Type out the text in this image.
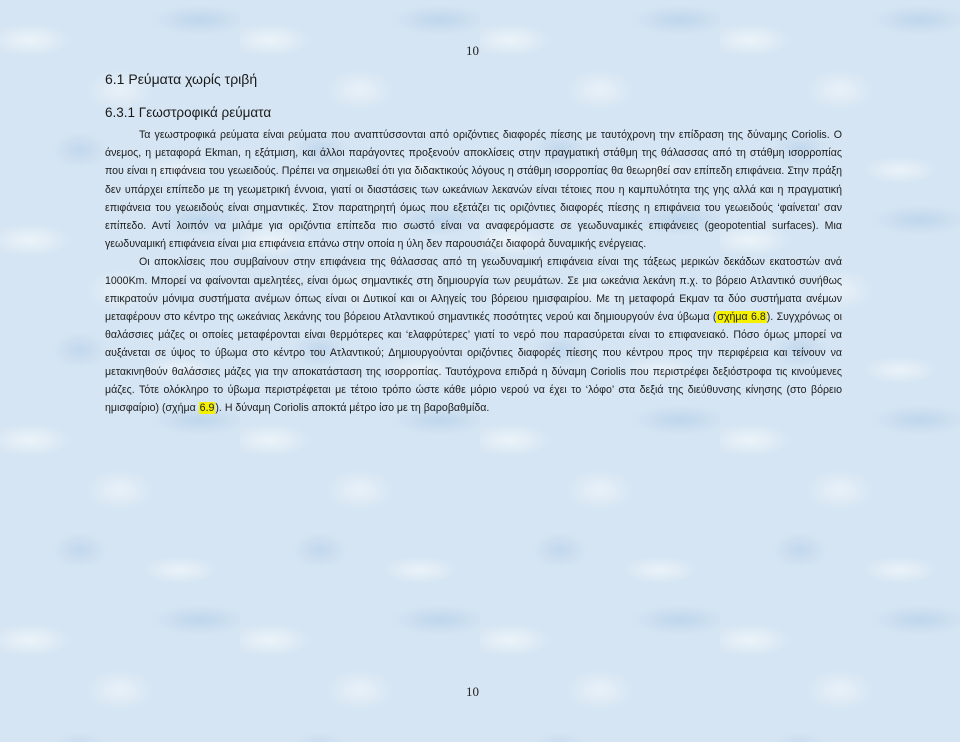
10
6.1 Ρεύματα χωρίς τριβή
6.3.1 Γεωστροφικά ρεύματα

Τα γεωστροφικά ρεύματα είναι ρεύματα που αναπτύσσονται από οριζόντιες διαφορές πίεσης με ταυτόχρονη την επίδραση της δύναμης Coriolis. Ο άνεμος, η μεταφορά Ekman, η εξάτμιση, και άλλοι παράγοντες προξενούν αποκλίσεις στην πραγματική στάθμη της θάλασσας από τη στάθμη ισορροπίας που είναι η επιφάνεια του γεωειδούς. Πρέπει να σημειωθεί ότι για διδακτικούς λόγους η στάθμη ισορροπίας θα θεωρηθεί σαν επίπεδη επιφάνεια. Στην πράξη δεν υπάρχει επίπεδο με τη γεωμετρική έννοια, γιατί οι διαστάσεις των ωκεάνιων λεκανών είναι τέτοιες που η καμπυλότητα της γης αλλά και η πραγματική επιφάνεια του γεωειδούς είναι σημαντικές. Στον παρατηρητή όμως που εξετάζει τις οριζόντιες διαφορές πίεσης η επιφάνεια του γεωειδούς ‘φαίνεται’ σαν επίπεδο. Αντί λοιπόν να μιλάμε για οριζόντια επίπεδα πιο σωστό είναι να αναφερόμαστε σε γεωδυναμικές επιφάνειες (geopotential surfaces). Μια γεωδυναμική επιφάνεια είναι μια επιφάνεια επάνω στην οποία η ύλη δεν παρουσιάζει διαφορά δυναμικής ενέργειας.

Οι αποκλίσεις που συμβαίνουν στην επιφάνεια της θάλασσας από τη γεωδυναμική επιφάνεια είναι της τάξεως μερικών δεκάδων εκατοστών ανά 1000Km. Μπορεί να φαίνονται αμελητέες, είναι όμως σημαντικές στη δημιουργία των ρευμάτων. Σε μια ωκεάνια λεκάνη π.χ. το βόρειο Ατλαντικό συνήθως επικρατούν μόνιμα συστήματα ανέμων όπως είναι οι Δυτικοί και οι Αληγείς του βόρειου ημισφαιρίου. Με τη μεταφορά Εκμαν τα δύο συστήματα ανέμων μεταφέρουν στο κέντρο της ωκεάνιας λεκάνης του βόρειου Ατλαντικού σημαντικές ποσότητες νερού και δημιουργούν ένα ύβωμα (σχήμα 6.8). Συγχρόνως οι θαλάσσιες μάζες οι οποίες μεταφέρονται είναι θερμότερες και ‘ελαφρύτερες’ γιατί το νερό που παρασύρεται είναι το επιφανειακό. Πόσο όμως μπορεί να αυξάνεται σε ύψος το ύβωμα στο κέντρο του Ατλαντικού; Δημιουργούνται οριζόντιες διαφορές πίεσης που κέντρου προς την περιφέρεια και τείνουν να μετακινηθούν θαλάσσιες μάζες για την αποκατάσταση της ισορροπίας. Ταυτόχρονα επιδρά η δύναμη Coriolis που περιστρέφει δεξιόστροφα τις κινούμενες μάζες. Τότε ολόκληρο το ύβωμα περιστρέφεται με τέτοιο τρόπο ώστε κάθε μόριο νερού να έχει το ‘λόφο’ στα δεξιά της διεύθυνσης κίνησης (στο βόρειο ημισφαίριο) (σχήμα 6.9). Η δύναμη Coriolis αποκτά μέτρο ίσο με τη βαροβαθμίδα.

10
